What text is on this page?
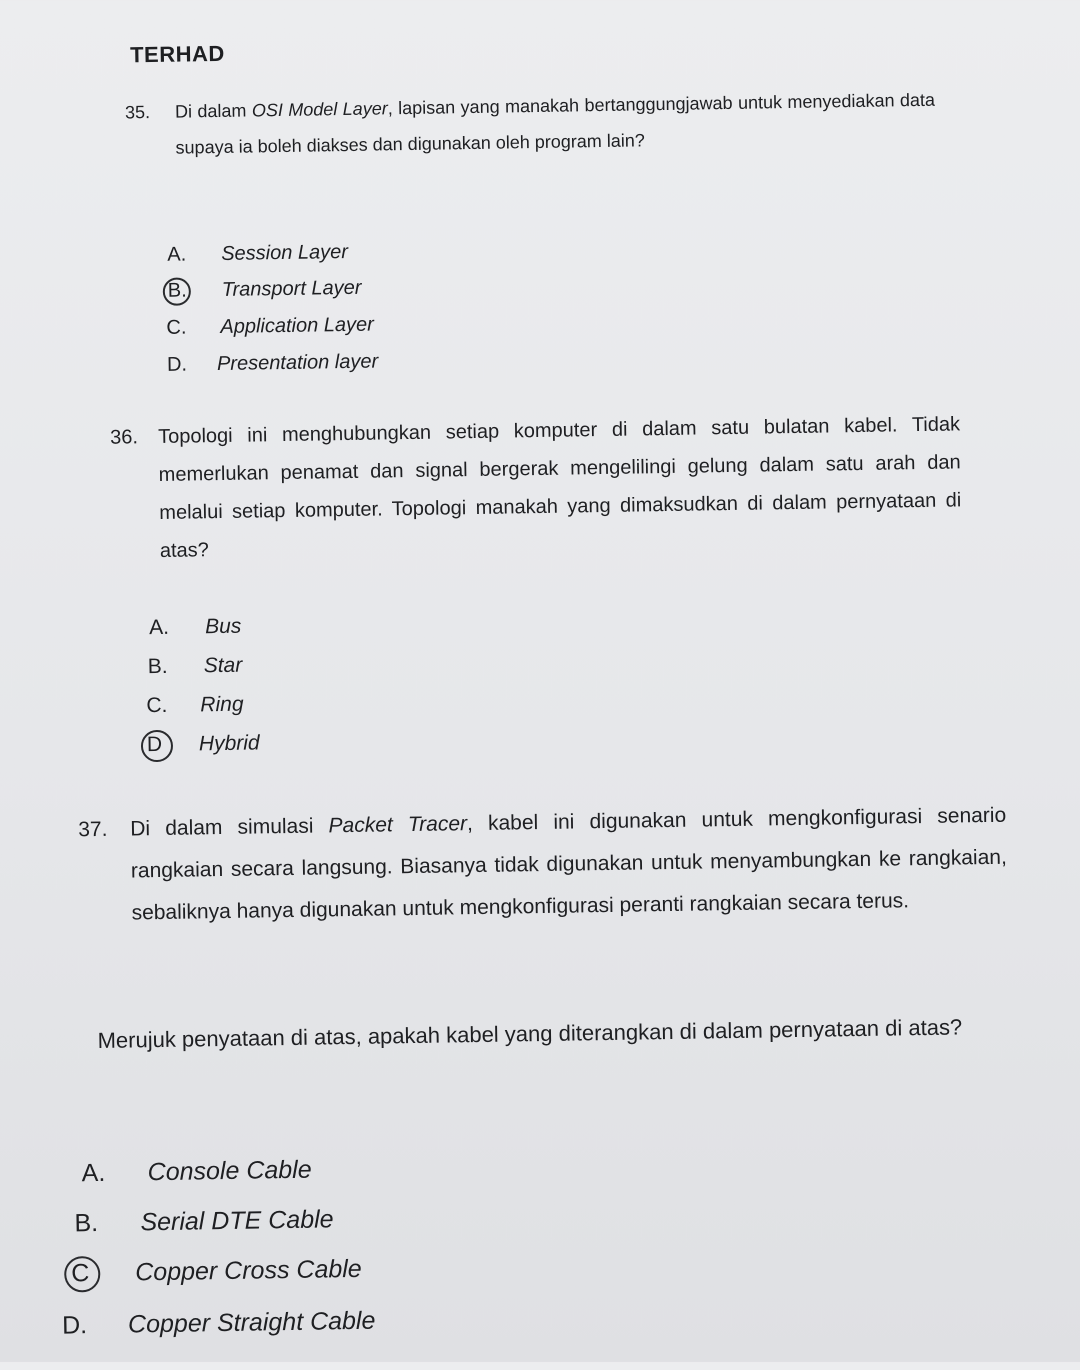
TERHAD
35. Di dalam OSI Model Layer, lapisan yang manakah bertanggungjawab untuk menyediakan data supaya ia boleh diakses dan digunakan oleh program lain?
A. Session Layer
B. Transport Layer
C. Application Layer
D. Presentation layer
36. Topologi ini menghubungkan setiap komputer di dalam satu bulatan kabel. Tidak memerlukan penamat dan signal bergerak mengelilingi gelung dalam satu arah dan melalui setiap komputer. Topologi manakah yang dimaksudkan di dalam pernyataan di atas?
A. Bus
B. Star
C. Ring
D Hybrid
37. Di dalam simulasi Packet Tracer, kabel ini digunakan untuk mengkonfigurasi senario rangkaian secara langsung. Biasanya tidak digunakan untuk menyambungkan ke rangkaian, sebaliknya hanya digunakan untuk mengkonfigurasi peranti rangkaian secara terus.
Merujuk penyataan di atas, apakah kabel yang diterangkan di dalam pernyataan di atas?
A. Console Cable
B. Serial DTE Cable
C Copper Cross Cable
D. Copper Straight Cable
